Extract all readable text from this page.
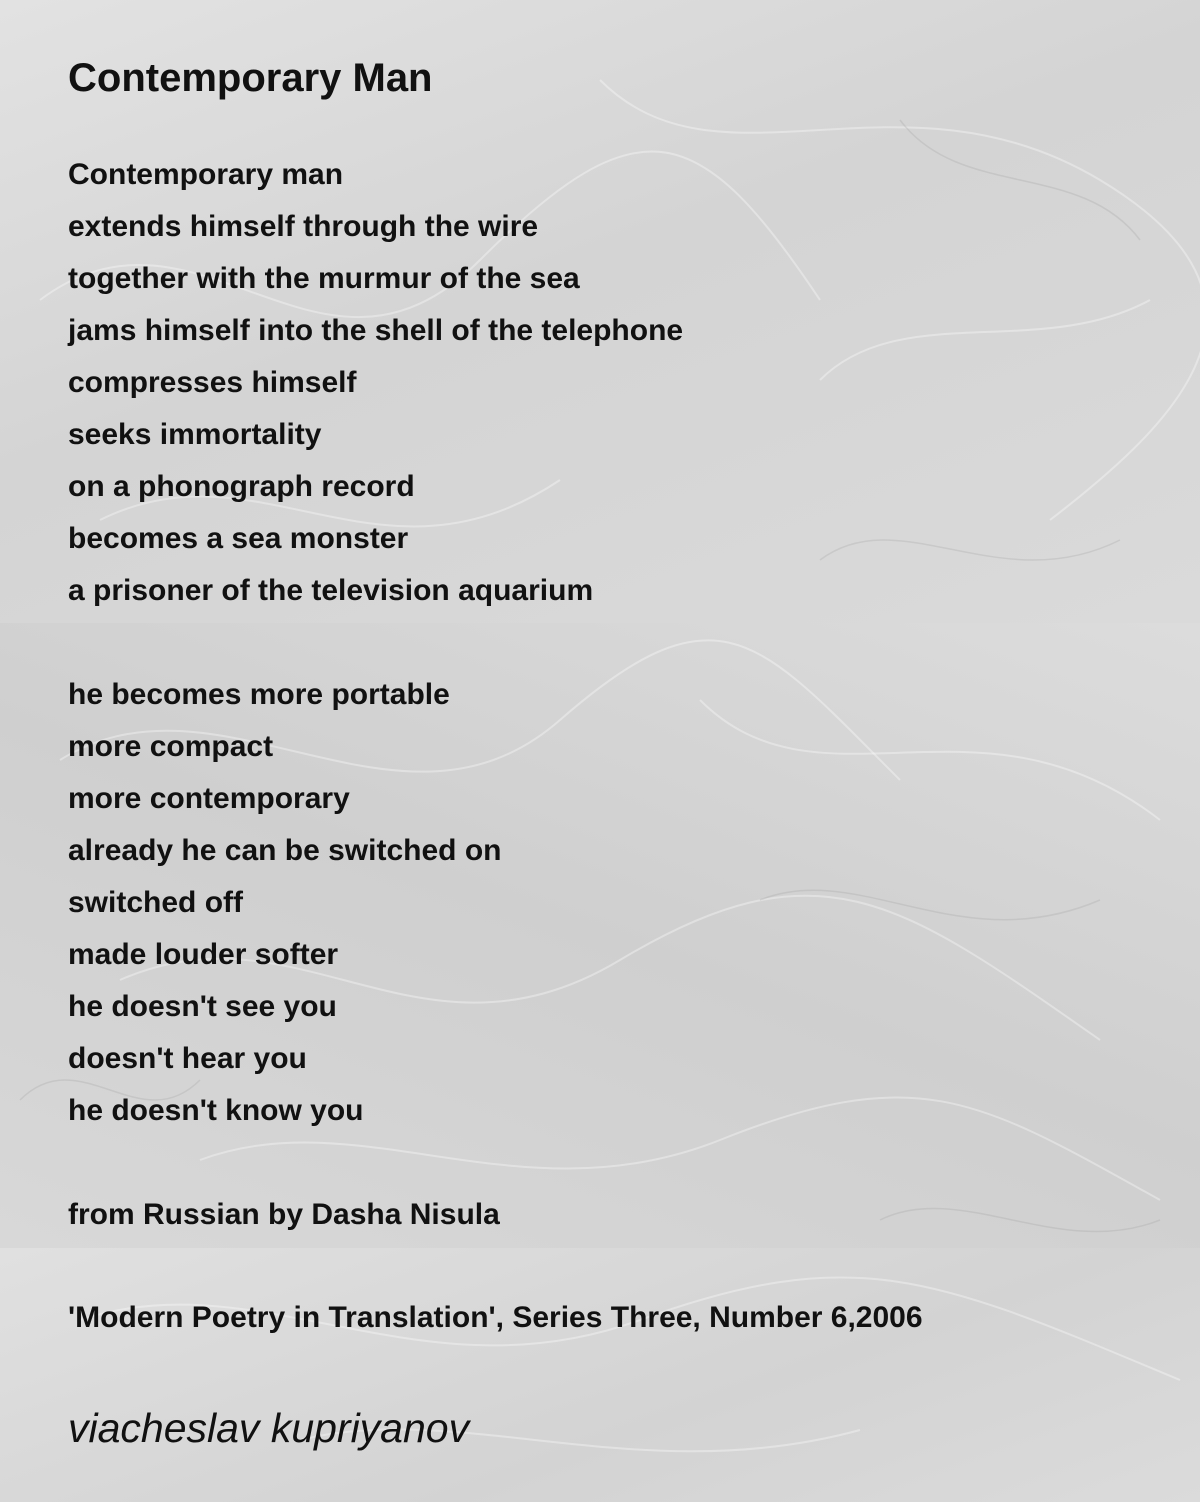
Contemporary Man
Contemporary man
extends himself through the wire
together with the murmur of the sea
jams himself into the shell of the telephone
compresses himself
seeks immortality
on a phonograph record
becomes a sea monster
a prisoner of the television aquarium
he becomes more portable
more compact
more contemporary
already he can be switched on
switched off
made louder softer
he doesn't see you
doesn't hear you
he doesn't know you
from Russian by Dasha Nisula
'Modern Poetry in Translation', Series Three, Number 6,2006
viacheslav kupriyanov
